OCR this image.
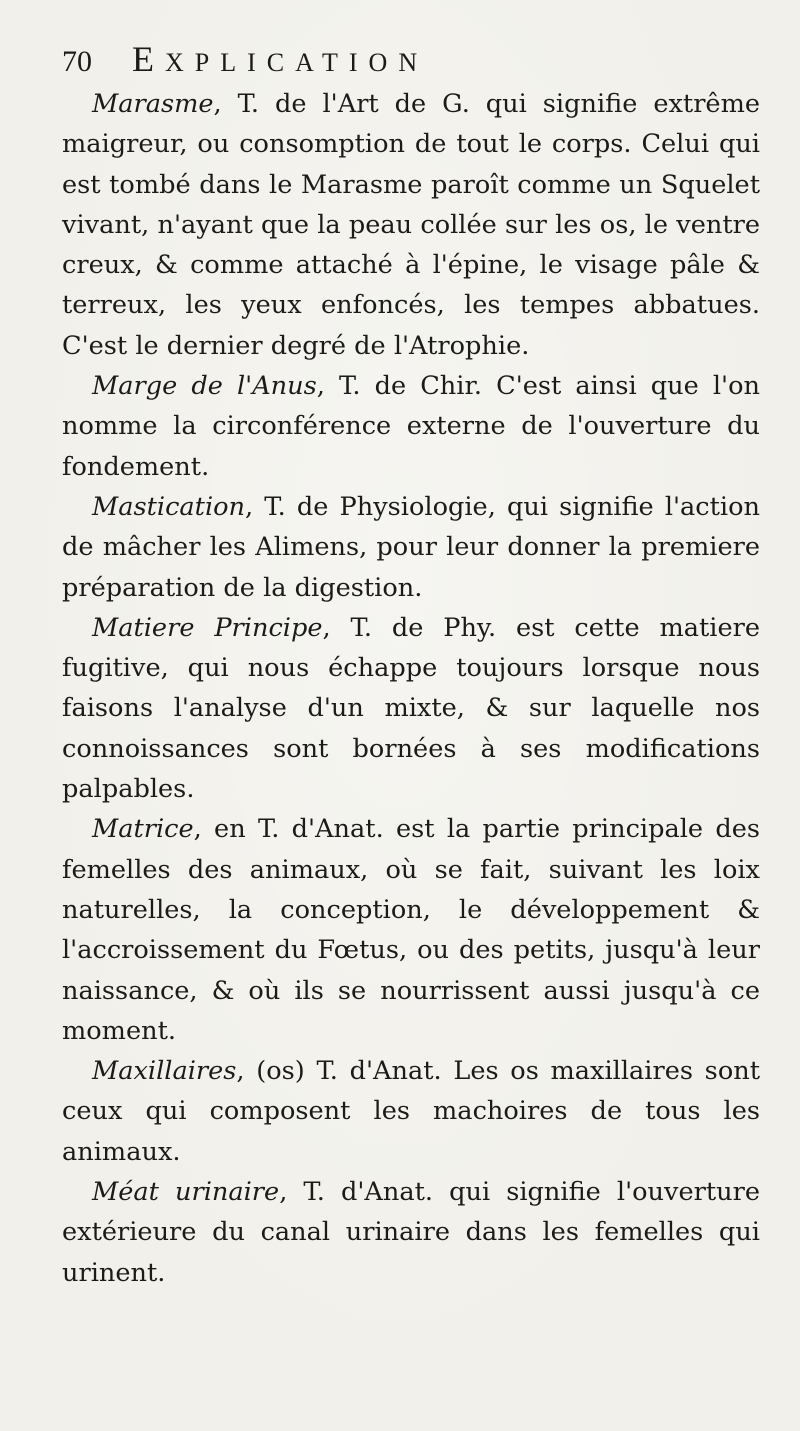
70	EXPLICATION

Marasme, T. de l'Art de G. qui signifie extrême maigreur, ou consomption de tout le corps. Celui qui est tombé dans le Marasme paroît comme un Squelet vivant, n'ayant que la peau collée sur les os, le ventre creux, & comme attaché à l'épine, le visage pâle & terreux, les yeux enfoncés, les tempes abbatues. C'est le dernier degré de l'Atrophie.

Marge de l'Anus, T. de Chir. C'est ainsi que l'on nomme la circonférence externe de l'ouverture du fondement.

Mastication, T. de Physiologie, qui signifie l'action de mâcher les Alimens, pour leur donner la premiere préparation de la digestion.

Matiere Principe, T. de Phy. est cette matiere fugitive, qui nous échappe toujours lorsque nous faisons l'analyse d'un mixte, & sur laquelle nos connoissances sont bornées à ses modifications palpables.

Matrice, en T. d'Anat. est la partie principale des femelles des animaux, où se fait, suivant les loix naturelles, la conception, le développement & l'accroissement du Fœtus, ou des petits, jusqu'à leur naissance, & où ils se nourrissent aussi jusqu'à ce moment.

Maxillaires, (os) T. d'Anat. Les os maxillaires sont ceux qui composent les machoires de tous les animaux.

Méat urinaire, T. d'Anat. qui signifie l'ouverture extérieure du canal urinaire dans les femelles qui urinent.
